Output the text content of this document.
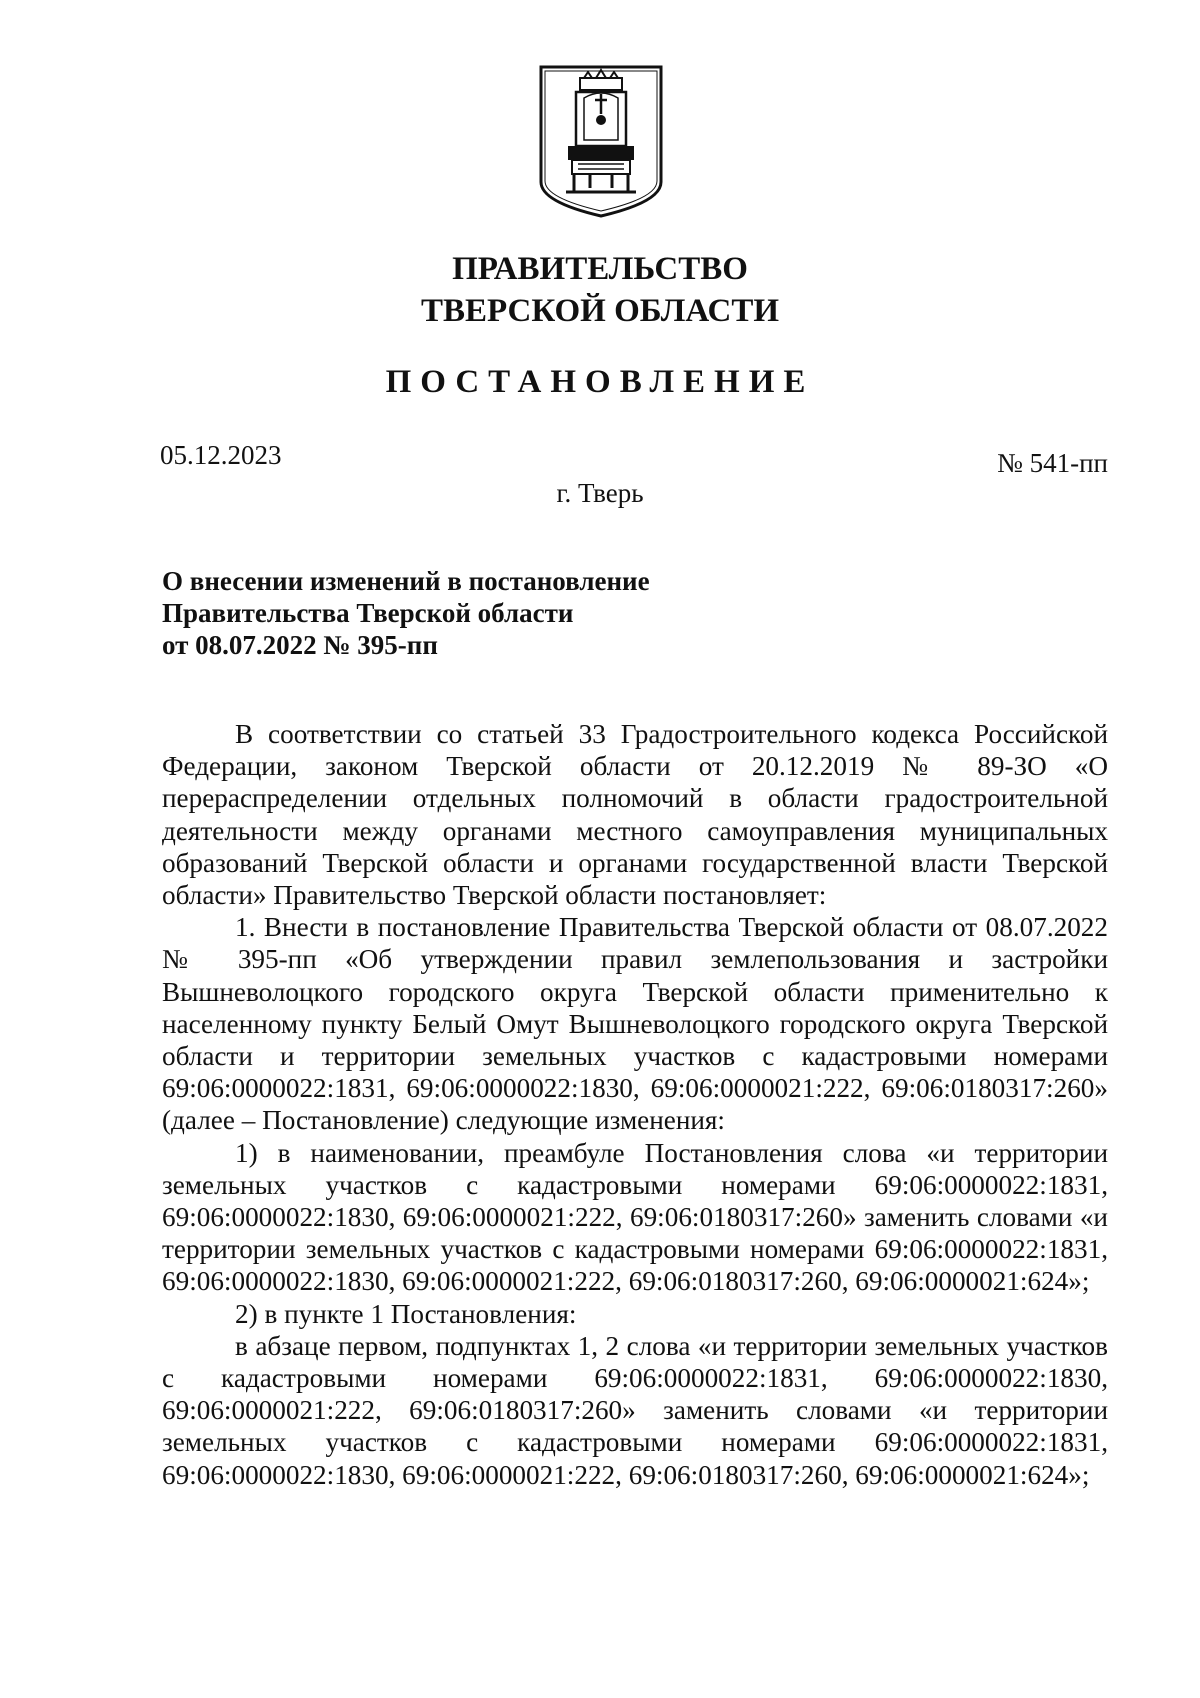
ПРАВИТЕЛЬСТВО
ТВЕРСКОЙ ОБЛАСТИ
ПОСТАНОВЛЕНИЕ
05.12.2023	№ 541-пп
г. Тверь
О внесении изменений в постановление
Правительства Тверской области
от 08.07.2022 № 395-пп

В соответствии со статьей 33 Градостроительного кодекса Российской Федерации, законом Тверской области от 20.12.2019 № 89-ЗО «О перераспределении отдельных полномочий в области градостроительной деятельности между органами местного самоуправления муниципальных образований Тверской области и органами государственной власти Тверской области» Правительство Тверской области постановляет:

1. Внести в постановление Правительства Тверской области от 08.07.2022 № 395-пп «Об утверждении правил землепользования и застройки Вышневолоцкого городского округа Тверской области применительно к населенному пункту Белый Омут Вышневолоцкого городского округа Тверской области и территории земельных участков с кадастровыми номерами 69:06:0000022:1831, 69:06:0000022:1830, 69:06:0000021:222, 69:06:0180317:260» (далее – Постановление) следующие изменения:

1) в наименовании, преамбуле Постановления слова «и территории земельных участков с кадастровыми номерами 69:06:0000022:1831, 69:06:0000022:1830, 69:06:0000021:222, 69:06:0180317:260» заменить словами «и территории земельных участков с кадастровыми номерами 69:06:0000022:1831, 69:06:0000022:1830, 69:06:0000021:222, 69:06:0180317:260, 69:06:0000021:624»;

2) в пункте 1 Постановления:

в абзаце первом, подпунктах 1, 2 слова «и территории земельных участков с кадастровыми номерами 69:06:0000022:1831, 69:06:0000022:1830, 69:06:0000021:222, 69:06:0180317:260» заменить словами «и территории земельных участков с кадастровыми номерами 69:06:0000022:1831, 69:06:0000022:1830, 69:06:0000021:222, 69:06:0180317:260, 69:06:0000021:624»;
